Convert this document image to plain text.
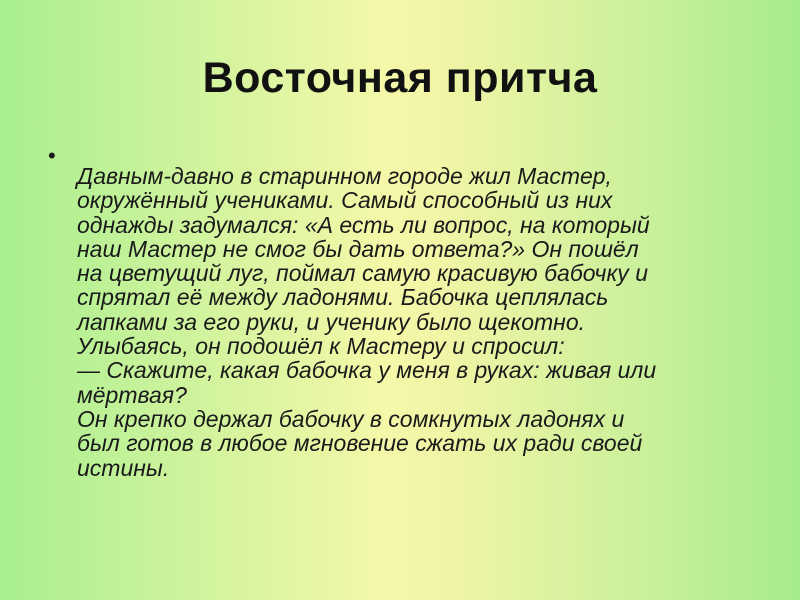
Восточная притча
•
Давным-давно в старинном городе жил Мастер,
окружённый учениками. Самый способный из них
однажды задумался: «А есть ли вопрос, на который
наш Мастер не смог бы дать ответа?» Он пошёл
на цветущий луг, поймал самую красивую бабочку и
спрятал её между ладонями. Бабочка цеплялась
лапками за его руки, и ученику было щекотно.
Улыбаясь, он подошёл к Мастеру и спросил:
— Скажите, какая бабочка у меня в руках: живая или
мёртвая?
Он крепко держал бабочку в сомкнутых ладонях и
был готов в любое мгновение сжать их ради своей
истины.
